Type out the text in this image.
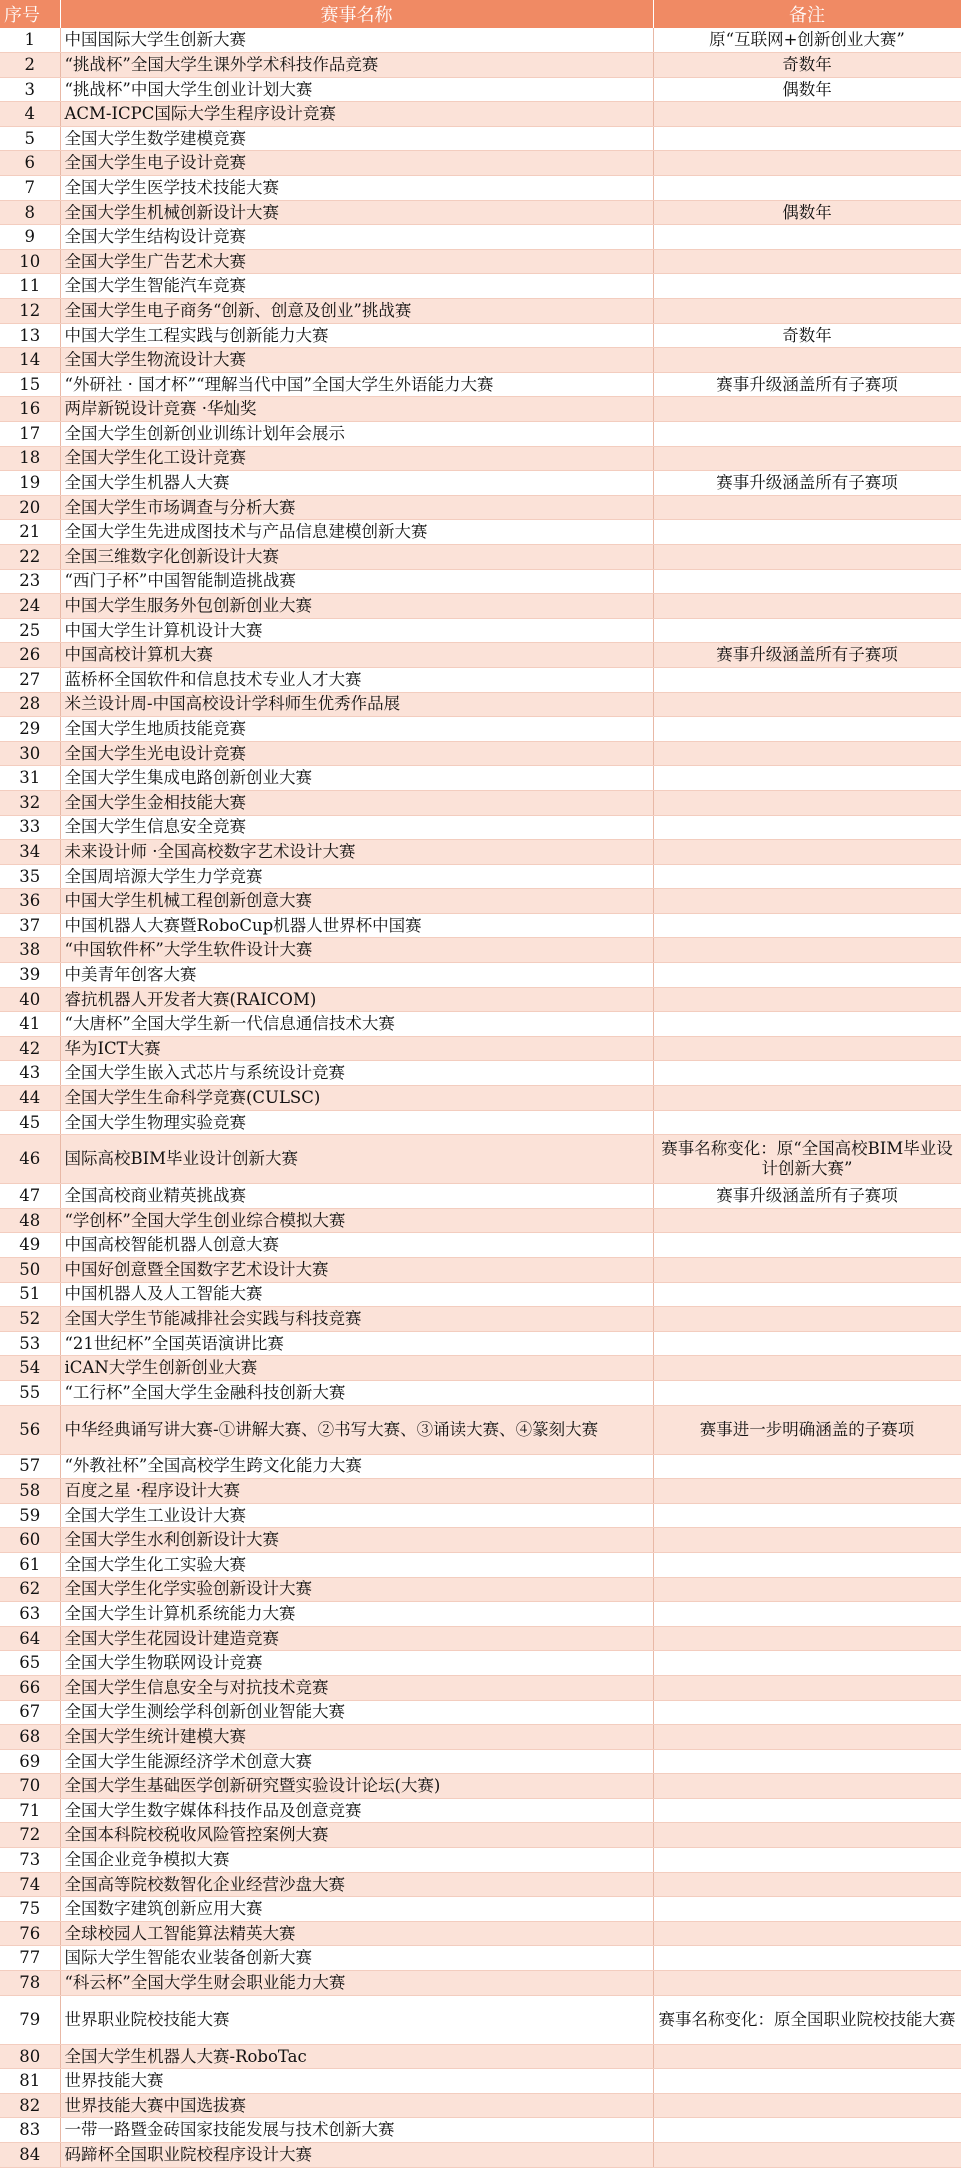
序号	赛事名称	备注
1	中国国际大学生创新大赛	原“互联网+创新创业大赛”
2	“挑战杯”全国大学生课外学术科技作品竞赛	奇数年
3	“挑战杯”中国大学生创业计划大赛	偶数年
4	ACM-ICPC国际大学生程序设计竞赛	
5	全国大学生数学建模竞赛	
6	全国大学生电子设计竞赛	
7	全国大学生医学技术技能大赛	
8	全国大学生机械创新设计大赛	偶数年
9	全国大学生结构设计竞赛	
10	全国大学生广告艺术大赛	
11	全国大学生智能汽车竞赛	
12	全国大学生电子商务“创新、创意及创业”挑战赛	
13	中国大学生工程实践与创新能力大赛	奇数年
14	全国大学生物流设计大赛	
15	“外研社 · 国才杯”“理解当代中国”全国大学生外语能力大赛	赛事升级涵盖所有子赛项
16	两岸新锐设计竞赛 ·华灿奖	
17	全国大学生创新创业训练计划年会展示	
18	全国大学生化工设计竞赛	
19	全国大学生机器人大赛	赛事升级涵盖所有子赛项
20	全国大学生市场调查与分析大赛	
21	全国大学生先进成图技术与产品信息建模创新大赛	
22	全国三维数字化创新设计大赛	
23	“西门子杯”中国智能制造挑战赛	
24	中国大学生服务外包创新创业大赛	
25	中国大学生计算机设计大赛	
26	中国高校计算机大赛	赛事升级涵盖所有子赛项
27	蓝桥杯全国软件和信息技术专业人才大赛	
28	米兰设计周-中国高校设计学科师生优秀作品展	
29	全国大学生地质技能竞赛	
30	全国大学生光电设计竞赛	
31	全国大学生集成电路创新创业大赛	
32	全国大学生金相技能大赛	
33	全国大学生信息安全竞赛	
34	未来设计师 ·全国高校数字艺术设计大赛	
35	全国周培源大学生力学竞赛	
36	中国大学生机械工程创新创意大赛	
37	中国机器人大赛暨RoboCup机器人世界杯中国赛	
38	“中国软件杯”大学生软件设计大赛	
39	中美青年创客大赛	
40	睿抗机器人开发者大赛(RAICOM)	
41	“大唐杯”全国大学生新一代信息通信技术大赛	
42	华为ICT大赛	
43	全国大学生嵌入式芯片与系统设计竞赛	
44	全国大学生生命科学竞赛(CULSC)	
45	全国大学生物理实验竞赛	
46	国际高校BIM毕业设计创新大赛	赛事名称变化：原“全国高校BIM毕业设计创新大赛”
47	全国高校商业精英挑战赛	赛事升级涵盖所有子赛项
48	“学创杯”全国大学生创业综合模拟大赛	
49	中国高校智能机器人创意大赛	
50	中国好创意暨全国数字艺术设计大赛	
51	中国机器人及人工智能大赛	
52	全国大学生节能减排社会实践与科技竞赛	
53	“21世纪杯”全国英语演讲比赛	
54	iCAN大学生创新创业大赛	
55	“工行杯”全国大学生金融科技创新大赛	
56	中华经典诵写讲大赛-①讲解大赛、②书写大赛、③诵读大赛、④篆刻大赛	赛事进一步明确涵盖的子赛项
57	“外教社杯”全国高校学生跨文化能力大赛	
58	百度之星 ·程序设计大赛	
59	全国大学生工业设计大赛	
60	全国大学生水利创新设计大赛	
61	全国大学生化工实验大赛	
62	全国大学生化学实验创新设计大赛	
63	全国大学生计算机系统能力大赛	
64	全国大学生花园设计建造竞赛	
65	全国大学生物联网设计竞赛	
66	全国大学生信息安全与对抗技术竞赛	
67	全国大学生测绘学科创新创业智能大赛	
68	全国大学生统计建模大赛	
69	全国大学生能源经济学术创意大赛	
70	全国大学生基础医学创新研究暨实验设计论坛(大赛)	
71	全国大学生数字媒体科技作品及创意竞赛	
72	全国本科院校税收风险管控案例大赛	
73	全国企业竞争模拟大赛	
74	全国高等院校数智化企业经营沙盘大赛	
75	全国数字建筑创新应用大赛	
76	全球校园人工智能算法精英大赛	
77	国际大学生智能农业装备创新大赛	
78	“科云杯”全国大学生财会职业能力大赛	
79	世界职业院校技能大赛	赛事名称变化：原全国职业院校技能大赛
80	全国大学生机器人大赛-RoboTac	
81	世界技能大赛	
82	世界技能大赛中国选拔赛	
83	一带一路暨金砖国家技能发展与技术创新大赛	
84	码蹄杯全国职业院校程序设计大赛	
